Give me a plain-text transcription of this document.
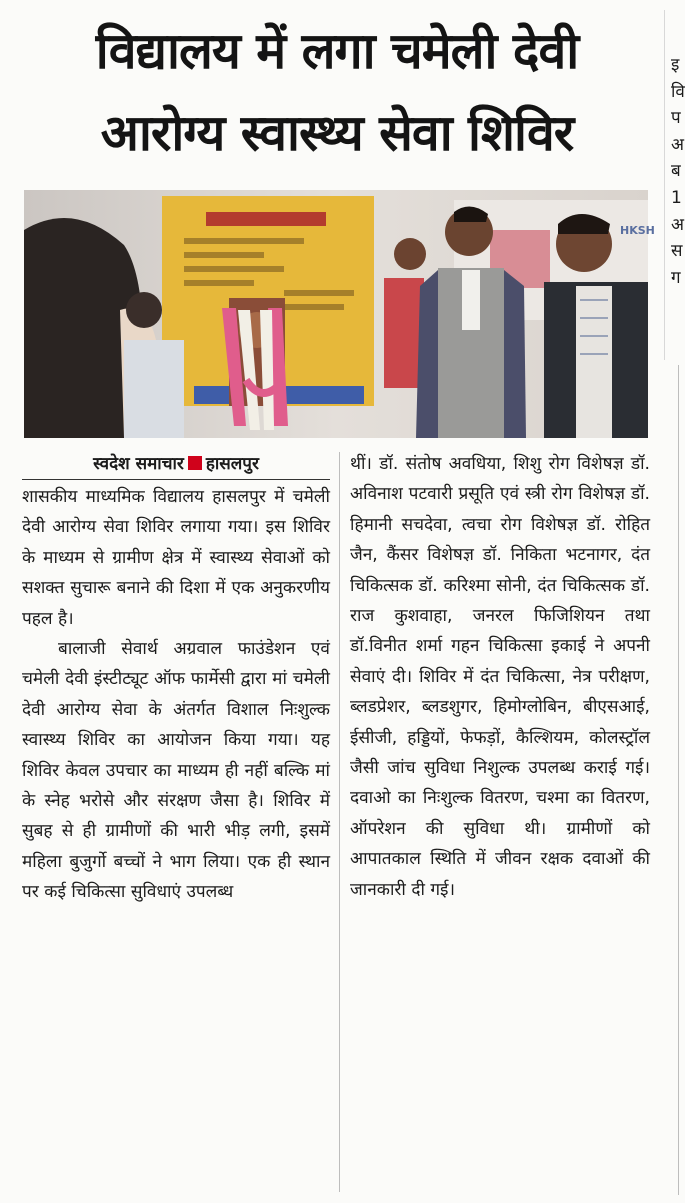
विद्यालय में लगा चमेली देवी
आरोग्य स्वास्थ्य सेवा शिविर
इ
वि
प
अ
ब
1
अ
स
ग
HKSH
स्वदेश समाचार हासलपुर

शासकीय माध्यमिक विद्यालय हासलपुर में चमेली देवी आरोग्य सेवा शिविर लगाया गया। इस शिविर के माध्यम से ग्रामीण क्षेत्र में स्वास्थ्य सेवाओं को सशक्त सुचारू बनाने की दिशा में एक अनुकरणीय पहल है।

बालाजी सेवार्थ अग्रवाल फाउंडेशन एवं चमेली देवी इंस्टीट्यूट ऑफ फार्मेसी द्वारा मां चमेली देवी आरोग्य सेवा के अंतर्गत विशाल निःशुल्क स्वास्थ्य शिविर का आयोजन किया गया। यह शिविर केवल उपचार का माध्यम ही नहीं बल्कि मां के स्नेह भरोसे और संरक्षण जैसा है। शिविर में सुबह से ही ग्रामीणों की भारी भीड़ लगी, इसमें महिला बुजुर्गो बच्चों ने भाग लिया। एक ही स्थान पर कई चिकित्सा सुविधाएं उपलब्ध

थीं। डॉ. संतोष अवधिया, शिशु रोग विशेषज्ञ डॉ. अविनाश पटवारी प्रसूति एवं स्त्री रोग विशेषज्ञ डॉ. हिमानी सचदेवा, त्वचा रोग विशेषज्ञ डॉ. रोहित जैन, कैंसर विशेषज्ञ डॉ. निकिता भटनागर, दंत चिकित्सक डॉ. करिश्मा सोनी, दंत चिकित्सक डॉ. राज कुशवाहा, जनरल फिजिशियन तथा डॉ.विनीत शर्मा गहन चिकित्सा इकाई ने अपनी सेवाएं दी। शिविर में दंत चिकित्सा, नेत्र परीक्षण, ब्लडप्रेशर, ब्लडशुगर, हिमोग्लोबिन, बीएसआई, ईसीजी, हड्डियों, फेफड़ों, कैल्शियम, कोलस्ट्रॉल जैसी जांच सुविधा निशुल्क उपलब्ध कराई गई। दवाओ का निःशुल्क वितरण, चश्मा का वितरण, ऑपरेशन की सुविधा थी। ग्रामीणों को आपातकाल स्थिति में जीवन रक्षक दवाओं की जानकारी दी गई।
